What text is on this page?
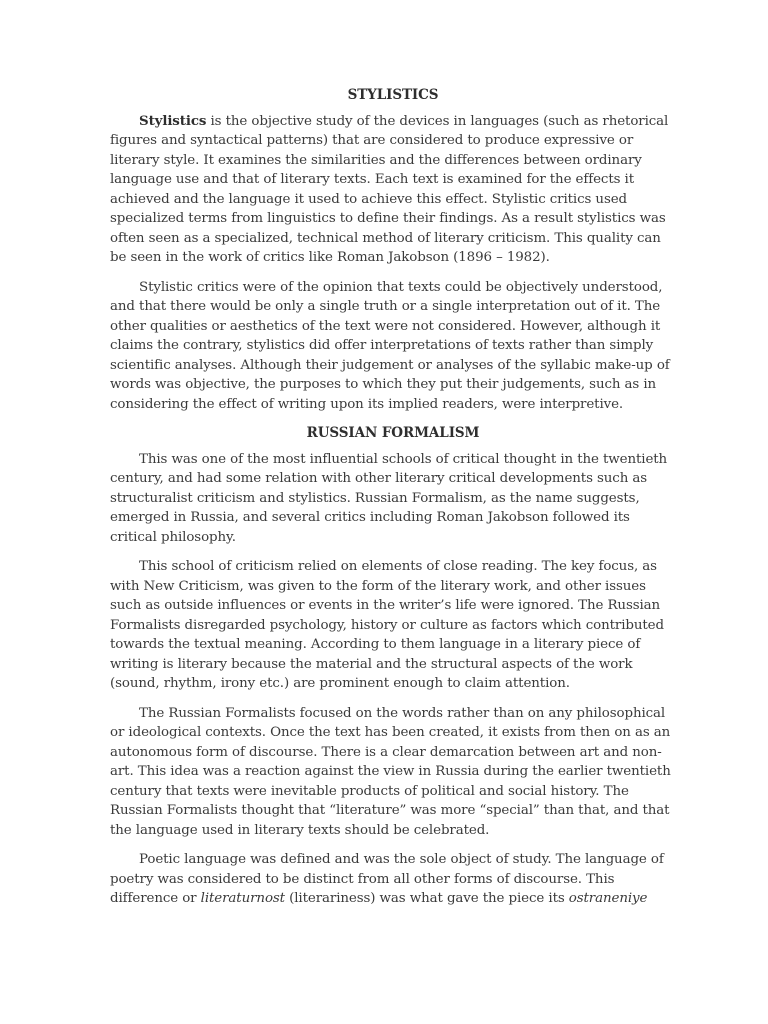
STYLISTICS

Stylistics is the objective study of the devices in languages (such as rhetorical figures and syntactical patterns) that are considered to produce expressive or literary style. It examines the similarities and the differences between ordinary language use and that of literary texts. Each text is examined for the effects it achieved and the language it used to achieve this effect. Stylistic critics used specialized terms from linguistics to define their findings. As a result stylistics was often seen as a specialized, technical method of literary criticism. This quality can be seen in the work of critics like Roman Jakobson (1896 – 1982).

Stylistic critics were of the opinion that texts could be objectively understood, and that there would be only a single truth or a single interpretation out of it. The other qualities or aesthetics of the text were not considered. However, although it claims the contrary, stylistics did offer interpretations of texts rather than simply scientific analyses. Although their judgement or analyses of the syllabic make-up of words was objective, the purposes to which they put their judgements, such as in considering the effect of writing upon its implied readers, were interpretive.

RUSSIAN FORMALISM

This was one of the most influential schools of critical thought in the twentieth century, and had some relation with other literary critical developments such as structuralist criticism and stylistics. Russian Formalism, as the name suggests, emerged in Russia, and several critics including Roman Jakobson followed its critical philosophy.

This school of criticism relied on elements of close reading. The key focus, as with New Criticism, was given to the form of the literary work, and other issues such as outside influences or events in the writer’s life were ignored. The Russian Formalists disregarded psychology, history or culture as factors which contributed towards the textual meaning. According to them language in a literary piece of writing is literary because the material and the structural aspects of the work (sound, rhythm, irony etc.) are prominent enough to claim attention.

The Russian Formalists focused on the words rather than on any philosophical or ideological contexts. Once the text has been created, it exists from then on as an autonomous form of discourse. There is a clear demarcation between art and non-art. This idea was a reaction against the view in Russia during the earlier twentieth century that texts were inevitable products of political and social history. The Russian Formalists thought that “literature” was more “special” than that, and that the language used in literary texts should be celebrated.

Poetic language was defined and was the sole object of study. The language of poetry was considered to be distinct from all other forms of discourse. This difference or literaturnost (literariness) was what gave the piece its ostraneniye
